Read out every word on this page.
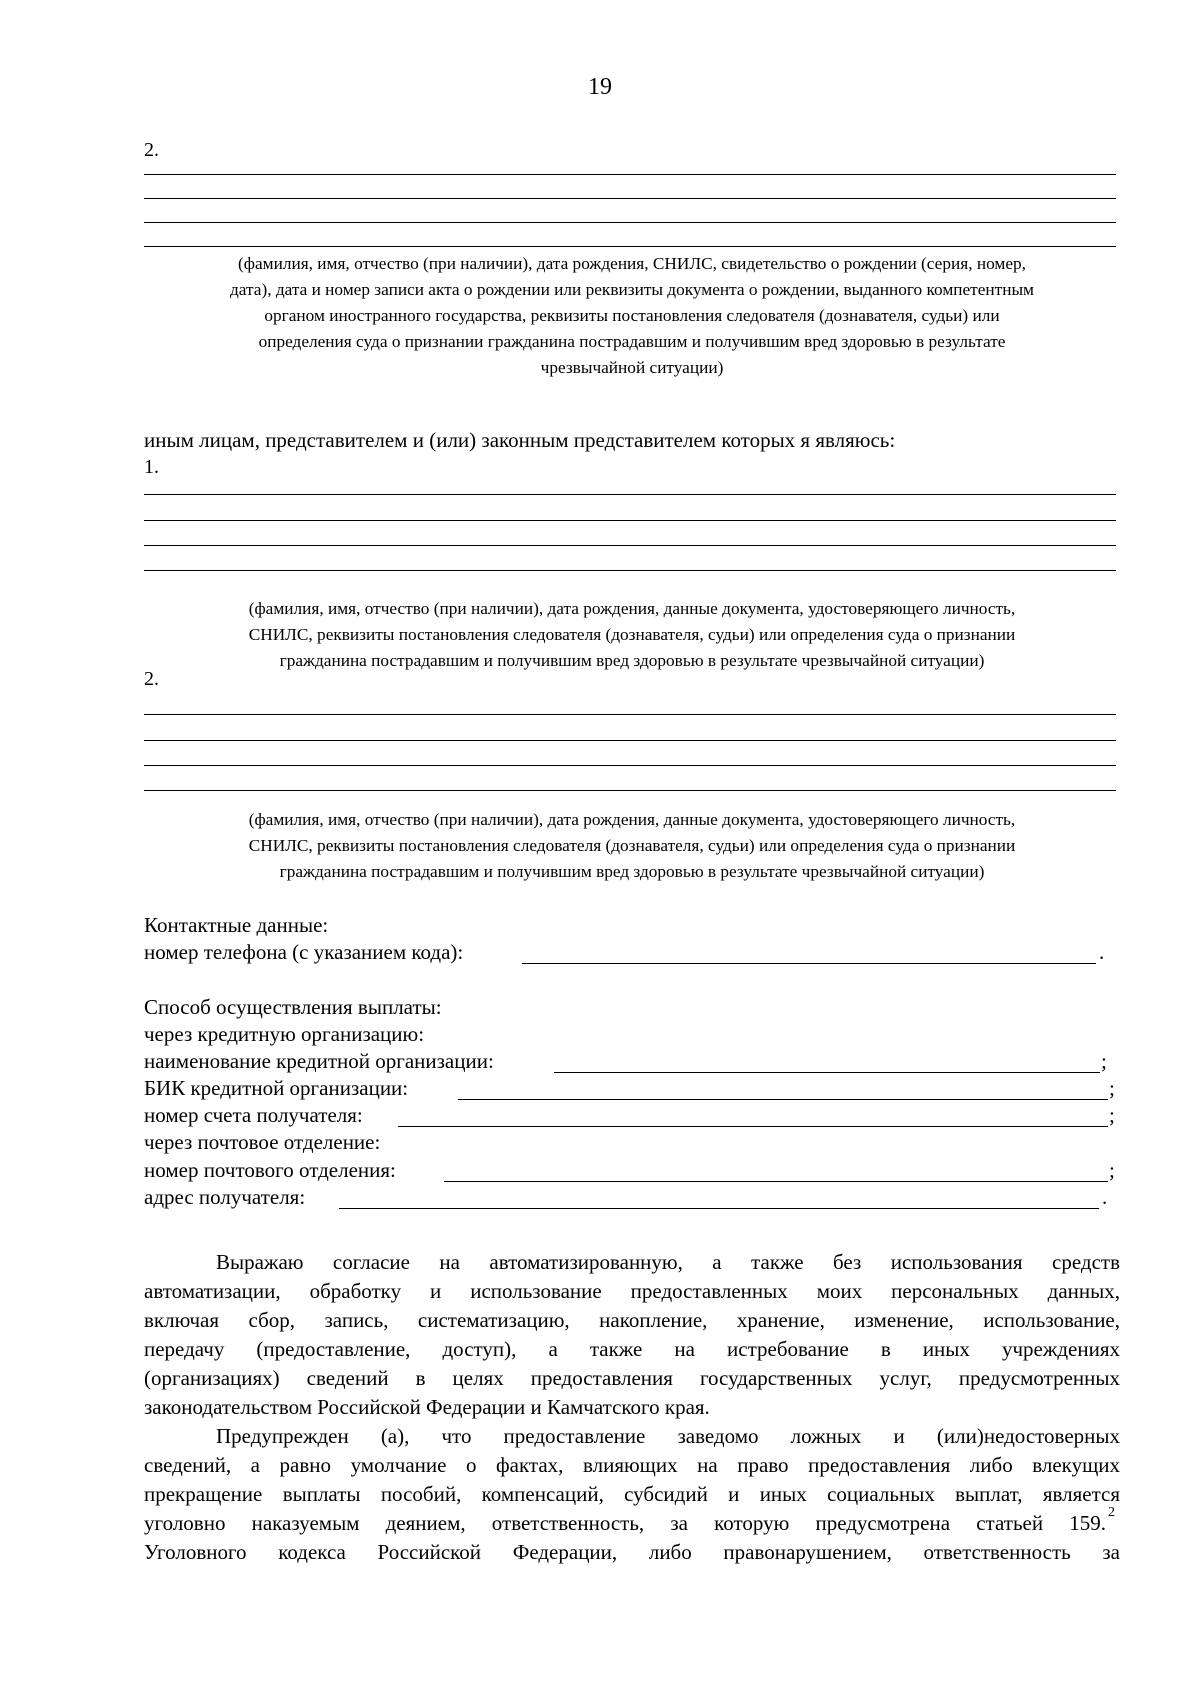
19
2.
(фамилия, имя, отчество (при наличии), дата рождения, СНИЛС, свидетельство о рождении (серия, номер,
дата), дата и номер записи акта о рождении или реквизиты документа о рождении, выданного компетентным
органом иностранного государства, реквизиты постановления следователя (дознавателя, судьи) или
определения суда о признании гражданина пострадавшим и получившим вред здоровью в результате
чрезвычайной ситуации)
иным лицам, представителем и (или) законным представителем которых я являюсь:
1.
(фамилия, имя, отчество (при наличии), дата рождения, данные документа, удостоверяющего личность,
СНИЛС, реквизиты постановления следователя (дознавателя, судьи) или определения суда о признании
гражданина пострадавшим и получившим вред здоровью в результате чрезвычайной ситуации)
2.
(фамилия, имя, отчество (при наличии), дата рождения, данные документа, удостоверяющего личность,
СНИЛС, реквизиты постановления следователя (дознавателя, судьи) или определения суда о признании
гражданина пострадавшим и получившим вред здоровью в результате чрезвычайной ситуации)
Контактные данные:
номер телефона (с указанием кода):	.
Способ осуществления выплаты:
через кредитную организацию:
наименование кредитной организации:	;
БИК кредитной организации:	;
номер счета получателя:	;
через почтовое отделение:
номер почтового отделения:	;
адрес получателя:	.
Выражаю согласие на автоматизированную, а также без использования средств
автоматизации, обработку и использование предоставленных моих персональных данных,
включая сбор, запись, систематизацию, накопление, хранение, изменение, использование,
передачу (предоставление, доступ), а также на истребование в иных учреждениях
(организациях) сведений в целях предоставления государственных услуг, предусмотренных
законодательством Российской Федерации и Камчатского края.
Предупрежден (а), что предоставление заведомо ложных и (или)недостоверных
сведений, а равно умолчание о фактах, влияющих на право предоставления либо влекущих
прекращение выплаты пособий, компенсаций, субсидий и иных социальных выплат, является
уголовно наказуемым деянием, ответственность, за которую предусмотрена статьей 159. 2
Уголовного кодекса Российской Федерации, либо правонарушением, ответственность за
